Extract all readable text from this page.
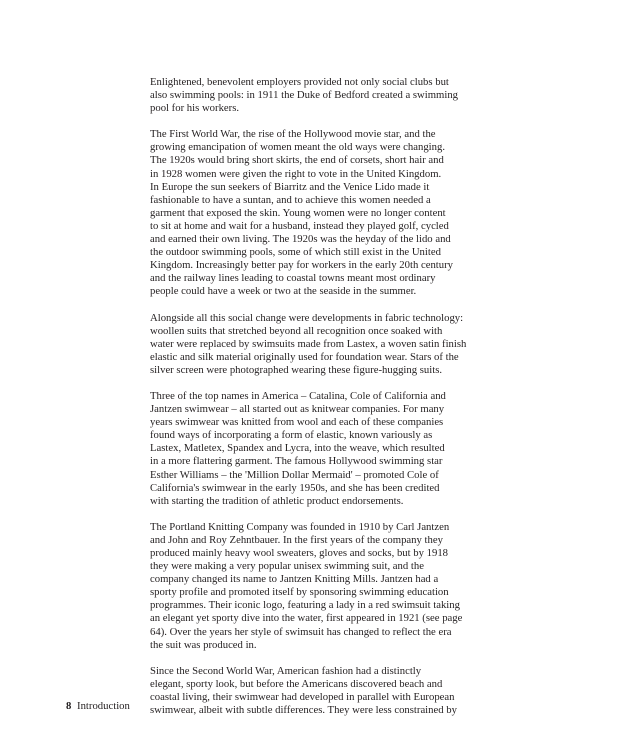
Enlightened, benevolent employers provided not only social clubs but
also swimming pools: in 1911 the Duke of Bedford created a swimming
pool for his workers.

The First World War, the rise of the Hollywood movie star, and the
growing emancipation of women meant the old ways were changing.
The 1920s would bring short skirts, the end of corsets, short hair and
in 1928 women were given the right to vote in the United Kingdom.
In Europe the sun seekers of Biarritz and the Venice Lido made it
fashionable to have a suntan, and to achieve this women needed a
garment that exposed the skin. Young women were no longer content
to sit at home and wait for a husband, instead they played golf, cycled
and earned their own living. The 1920s was the heyday of the lido and
the outdoor swimming pools, some of which still exist in the United
Kingdom. Increasingly better pay for workers in the early 20th century
and the railway lines leading to coastal towns meant most ordinary
people could have a week or two at the seaside in the summer.

Alongside all this social change were developments in fabric technology:
woollen suits that stretched beyond all recognition once soaked with
water were replaced by swimsuits made from Lastex, a woven satin finish
elastic and silk material originally used for foundation wear. Stars of the
silver screen were photographed wearing these figure-hugging suits.

Three of the top names in America – Catalina, Cole of California and
Jantzen swimwear – all started out as knitwear companies. For many
years swimwear was knitted from wool and each of these companies
found ways of incorporating a form of elastic, known variously as
Lastex, Matletex, Spandex and Lycra, into the weave, which resulted
in a more flattering garment. The famous Hollywood swimming star
Esther Williams – the 'Million Dollar Mermaid' – promoted Cole of
California's swimwear in the early 1950s, and she has been credited
with starting the tradition of athletic product endorsements.

The Portland Knitting Company was founded in 1910 by Carl Jantzen
and John and Roy Zehntbauer. In the first years of the company they
produced mainly heavy wool sweaters, gloves and socks, but by 1918
they were making a very popular unisex swimming suit, and the
company changed its name to Jantzen Knitting Mills. Jantzen had a
sporty profile and promoted itself by sponsoring swimming education
programmes. Their iconic logo, featuring a lady in a red swimsuit taking
an elegant yet sporty dive into the water, first appeared in 1921 (see page
64). Over the years her style of swimsuit has changed to reflect the era
the suit was produced in.

Since the Second World War, American fashion had a distinctly
elegant, sporty look, but before the Americans discovered beach and
coastal living, their swimwear had developed in parallel with European
swimwear, albeit with subtle differences. They were less constrained by

8 Introduction
